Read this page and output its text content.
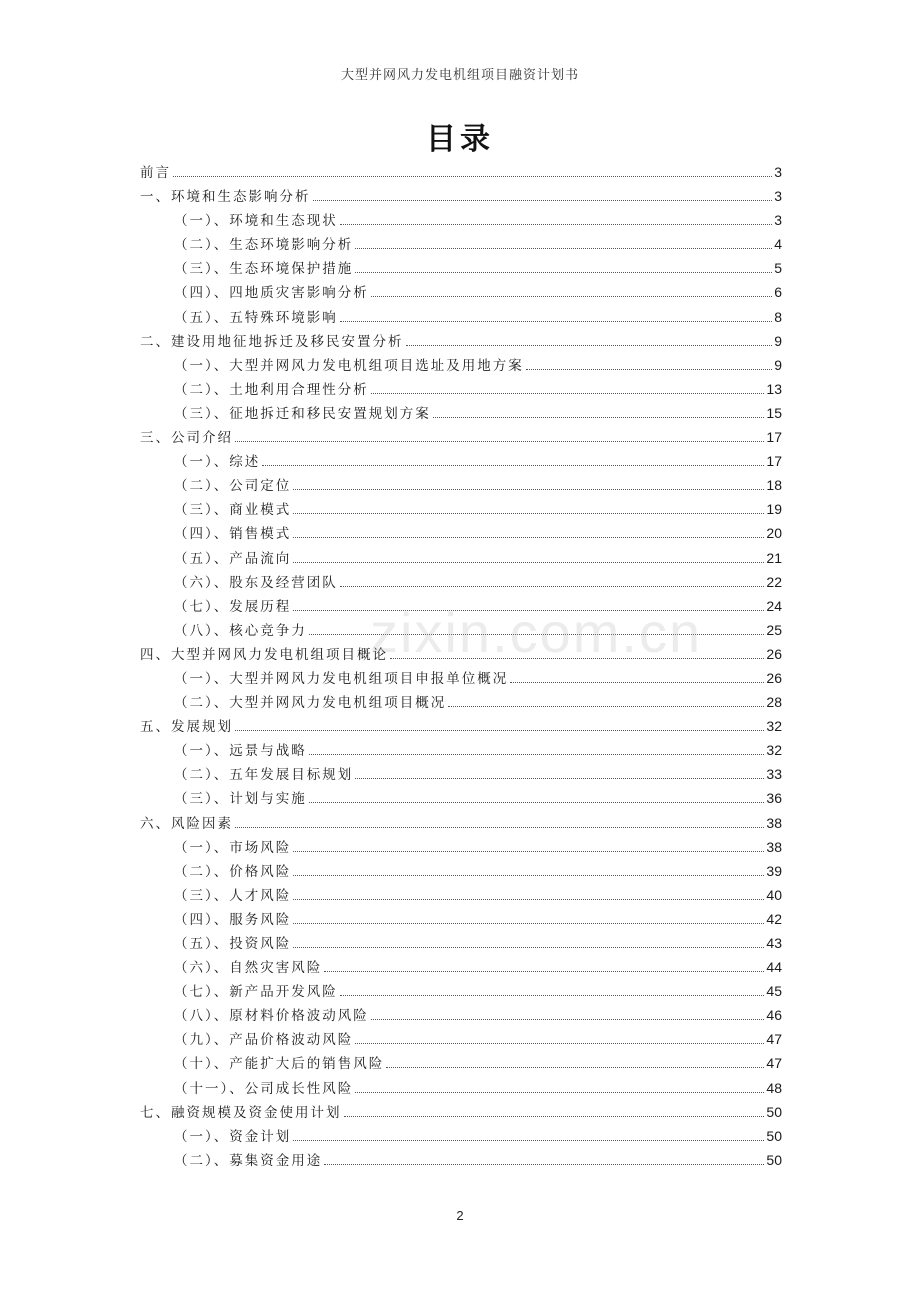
大型并网风力发电机组项目融资计划书
目录
前言	3
一、环境和生态影响分析	3
（一）、环境和生态现状	3
（二）、生态环境影响分析	4
（三）、生态环境保护措施	5
（四）、四地质灾害影响分析	6
（五）、五特殊环境影响	8
二、建设用地征地拆迁及移民安置分析	9
（一）、大型并网风力发电机组项目选址及用地方案	9
（二）、土地利用合理性分析	13
（三）、征地拆迁和移民安置规划方案	15
三、公司介绍	17
（一）、综述	17
（二）、公司定位	18
（三）、商业模式	19
（四）、销售模式	20
（五）、产品流向	21
（六）、股东及经营团队	22
（七）、发展历程	24
（八）、核心竞争力	25
四、大型并网风力发电机组项目概论	26
（一）、大型并网风力发电机组项目申报单位概况	26
（二）、大型并网风力发电机组项目概况	28
五、发展规划	32
（一）、远景与战略	32
（二）、五年发展目标规划	33
（三）、计划与实施	36
六、风险因素	38
（一）、市场风险	38
（二）、价格风险	39
（三）、人才风险	40
（四）、服务风险	42
（五）、投资风险	43
（六）、自然灾害风险	44
（七）、新产品开发风险	45
（八）、原材料价格波动风险	46
（九）、产品价格波动风险	47
（十）、产能扩大后的销售风险	47
（十一）、公司成长性风险	48
七、融资规模及资金使用计划	50
（一）、资金计划	50
（二）、募集资金用途	50
zixin.com.cn
2
